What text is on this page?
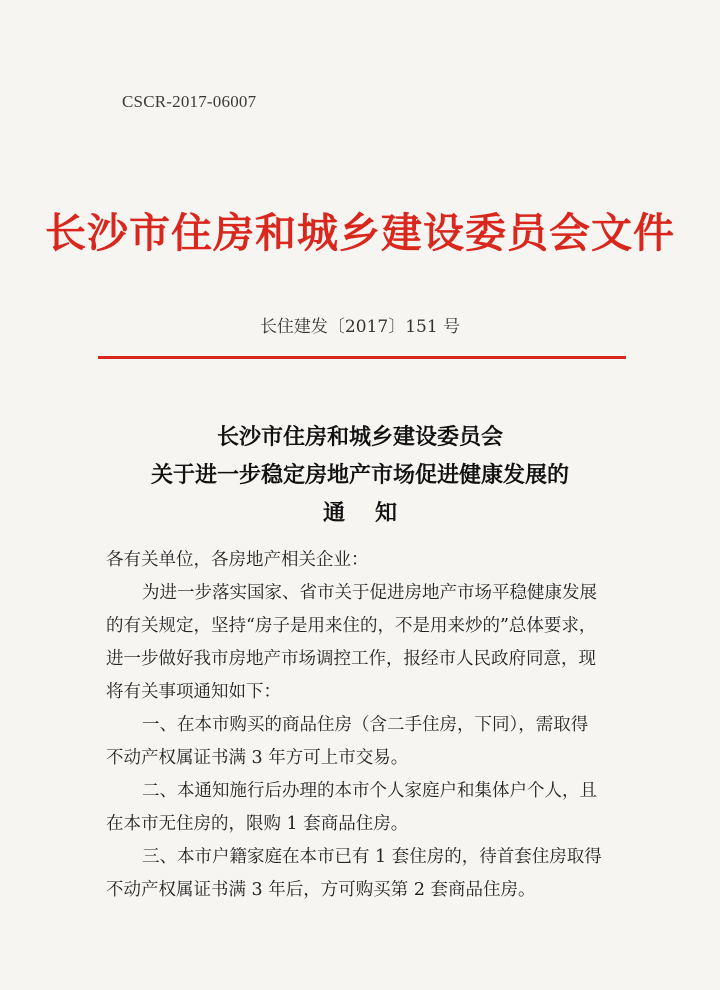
CSCR-2017-06007
长沙市住房和城乡建设委员会文件
长住建发〔2017〕151 号
长沙市住房和城乡建设委员会
关于进一步稳定房地产市场促进健康发展的
通知

各有关单位，各房地产相关企业：

为进一步落实国家、省市关于促进房地产市场平稳健康发展

的有关规定，坚持“房子是用来住的，不是用来炒的”总体要求，

进一步做好我市房地产市场调控工作，报经市人民政府同意，现

将有关事项通知如下：

一、在本市购买的商品住房（含二手住房，下同），需取得

不动产权属证书满 3 年方可上市交易。

二、本通知施行后办理的本市个人家庭户和集体户个人，且

在本市无住房的，限购 1 套商品住房。

三、本市户籍家庭在本市已有 1 套住房的，待首套住房取得

不动产权属证书满 3 年后，方可购买第 2 套商品住房。
